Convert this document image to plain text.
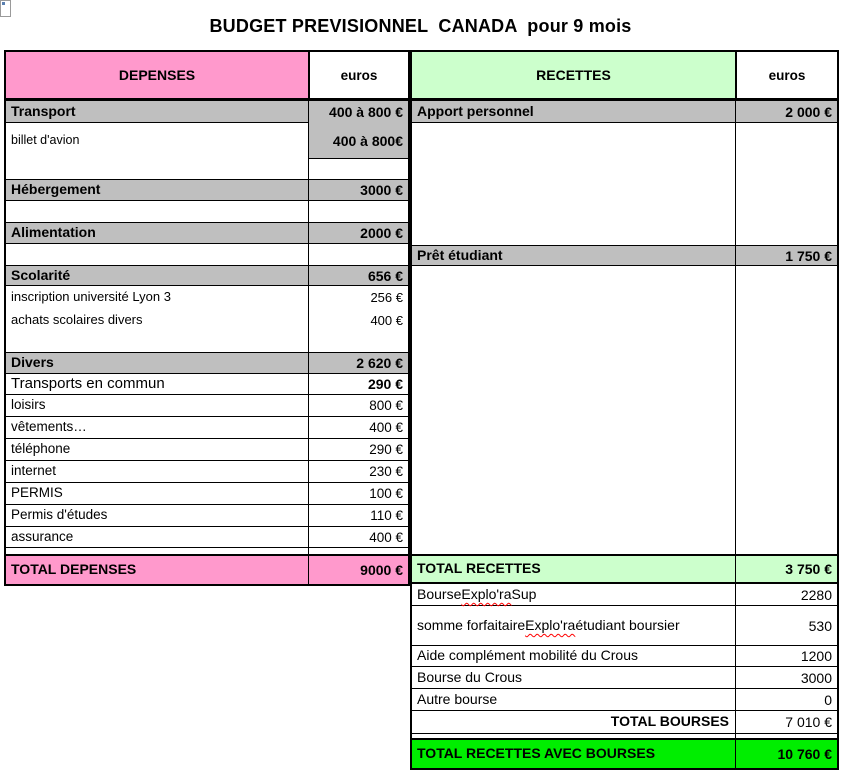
BUDGET PREVISIONNEL  CANADA  pour 9 mois
DEPENSES	euros
Transport	400 à 800 €
billet d'avion	400 à 800€
Hébergement	3000 €
Alimentation	2000 €
Scolarité	656 €
inscription université Lyon 3	256 €
achats scolaires divers	400 €
Divers	2 620 €
Transports en commun	290 €
loisirs	800 €
vêtements…	400 €
téléphone	290 €
internet	230 €
PERMIS	100 €
Permis d'études	110 €
assurance	400 €
TOTAL DEPENSES	9000 €
RECETTES	euros
Apport personnel	2 000 €
Prêt étudiant	1 750 €
TOTAL RECETTES	3 750 €
Bourse Explo'ra Sup	2280
somme forfaitaire Explo'ra étudiant boursier	530
Aide complément mobilité du Crous	1200
Bourse du Crous	3000
Autre bourse	0
TOTAL BOURSES	7 010 €
TOTAL RECETTES AVEC BOURSES	10 760 €
